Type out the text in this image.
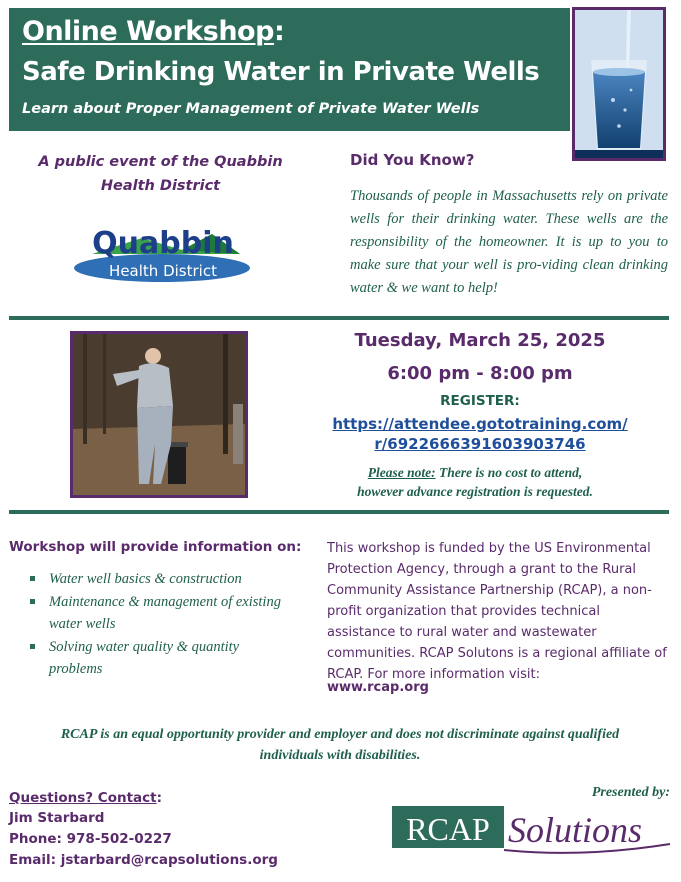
Online Workshop:
Safe Drinking Water in Private Wells
Learn about Proper Management of Private Water Wells
A public event of the Quabbin
Health District
Quabbin
Health District
Did You Know?
Thousands of people in Massachusetts rely on private wells for their drinking water. These wells are the responsibility of the homeowner. It is up to you to make sure that your well is pro-viding clean drinking water & we want to help!
Tuesday, March 25, 2025
6:00 pm - 8:00 pm
REGISTER:
https://attendee.gototraining.com/
r/6922666391603903746
Please note: There is no cost to attend,
however advance registration is requested.
Workshop will provide information on:
Water well basics & construction
Maintenance & management of existing water wells
Solving water quality & quantity problems
This workshop is funded by the US Environmental Protection Agency, through a grant to the Rural Community Assistance Partnership (RCAP), a non-profit organization that provides technical assistance to rural water and wastewater communities. RCAP Solutons is a regional affiliate of RCAP. For more information visit:
www.rcap.org
RCAP is an equal opportunity provider and employer and does not discriminate against qualified
individuals with disabilities.
Questions? Contact:
Jim Starbard
Phone: 978-502-0227
Email: jstarbard@rcapsolutions.org
Presented by:
RCAP Solutions
